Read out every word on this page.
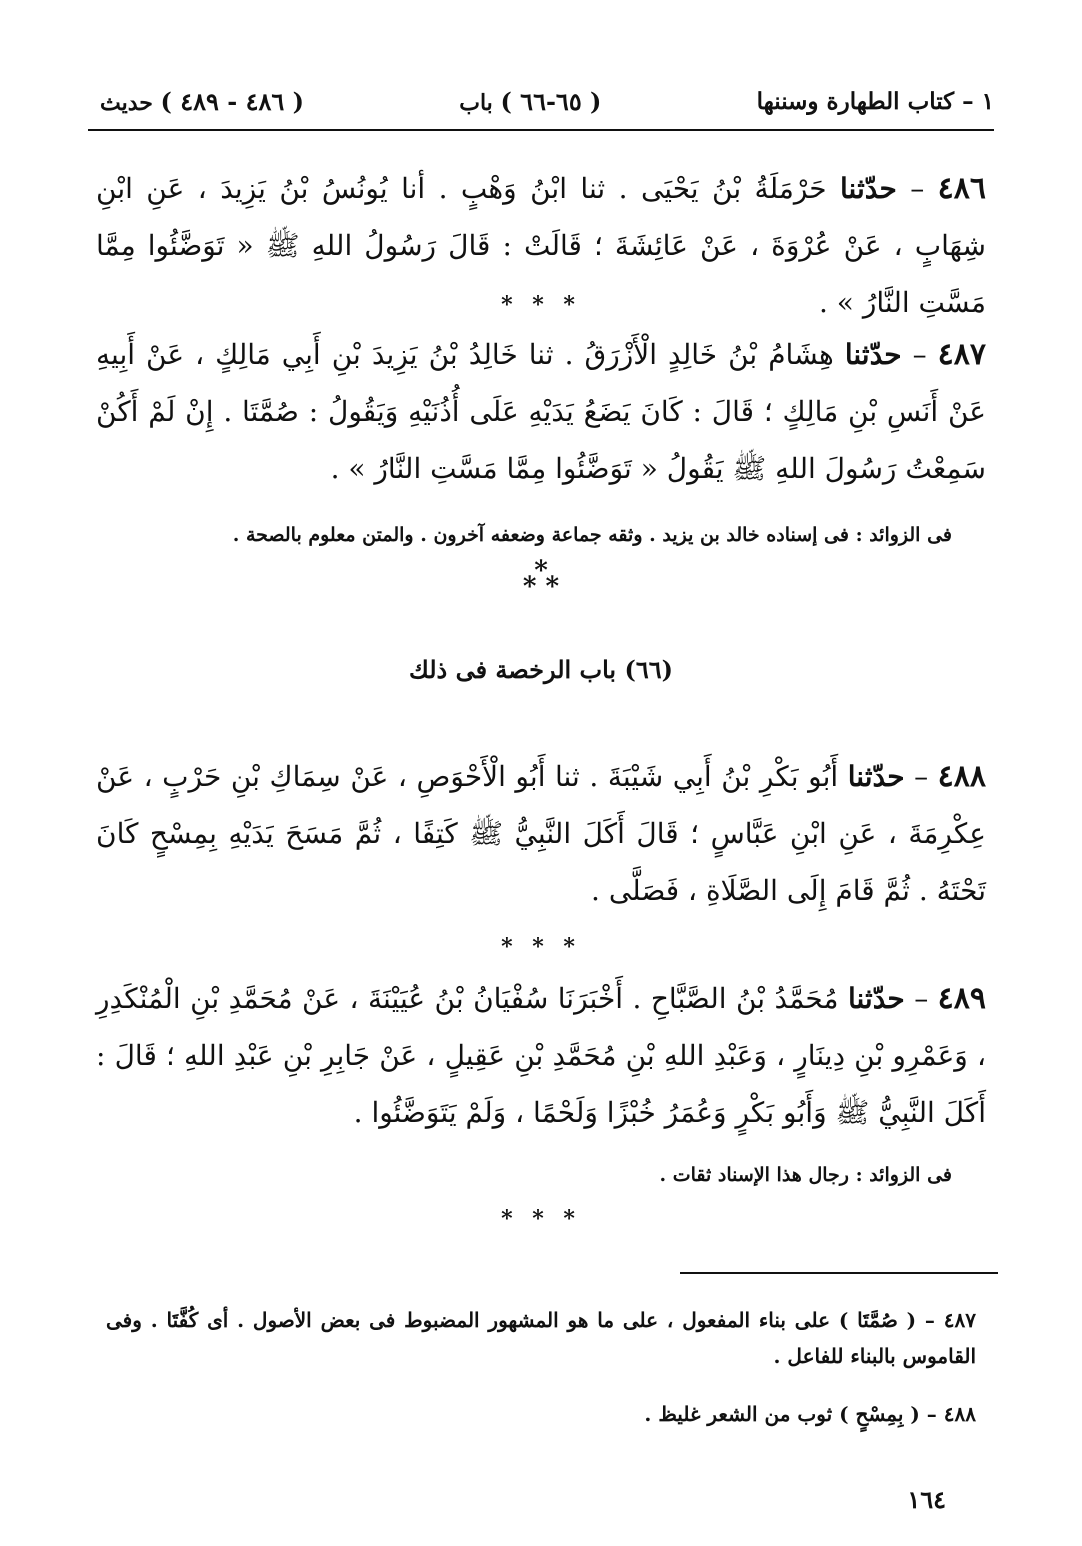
١ – كتاب الطهارة وسننها
( ٦٥-٦٦ ) باب
( ٤٨٦ - ٤٨٩ ) حديث
٤٨٦ – حدّثنا حَرْمَلَةُ بْنُ يَحْيَى . ثنا ابْنُ وَهْبٍ . أنا يُونُسُ بْنُ يَزِيدَ ، عَنِ ابْنِ شِهَابٍ ، عَنْ عُرْوَةَ ، عَنْ عَائِشَةَ ؛ قَالَتْ : قَالَ رَسُولُ اللهِ ﷺ « تَوَضَّئُوا مِمَّا مَسَّتِ النَّارُ » .
* * *
٤٨٧ – حدّثنا هِشَامُ بْنُ خَالِدٍ الْأَزْرَقُ . ثنا خَالِدُ بْنُ يَزِيدَ بْنِ أَبِي مَالِكٍ ، عَنْ أَبِيهِ عَنْ أَنَسِ بْنِ مَالِكٍ ؛ قَالَ : كَانَ يَضَعُ يَدَيْهِ عَلَى أُذُنَيْهِ وَيَقُولُ : صُمَّتَا . إِنْ لَمْ أَكُنْ سَمِعْتُ رَسُولَ اللهِ ﷺ يَقُولُ « تَوَضَّئُوا مِمَّا مَسَّتِ النَّارُ » .
فى الزوائد : فى إسناده خالد بن يزيد . وثقه جماعة وضعفه آخرون . والمتن معلوم بالصحة .
*
* *
(٦٦) باب الرخصة فى ذلك
٤٨٨ – حدّثنا أَبُو بَكْرِ بْنُ أَبِي شَيْبَةَ . ثنا أَبُو الْأَحْوَصِ ، عَنْ سِمَاكِ بْنِ حَرْبٍ ، عَنْ عِكْرِمَةَ ، عَنِ ابْنِ عَبَّاسٍ ؛ قَالَ أَكَلَ النَّبِيُّ ﷺ كَتِفًا ، ثُمَّ مَسَحَ يَدَيْهِ بِمِسْحٍ كَانَ تَحْتَهُ . ثُمَّ قَامَ إِلَى الصَّلَاةِ ، فَصَلَّى .
* * *
٤٨٩ – حدّثنا مُحَمَّدُ بْنُ الصَّبَّاحِ . أَخْبَرَنَا سُفْيَانُ بْنُ عُيَيْنَةَ ، عَنْ مُحَمَّدِ بْنِ الْمُنْكَدِرِ ، وَعَمْرِو بْنِ دِينَارٍ ، وَعَبْدِ اللهِ بْنِ مُحَمَّدِ بْنِ عَقِيلٍ ، عَنْ جَابِرِ بْنِ عَبْدِ اللهِ ؛ قَالَ : أَكَلَ النَّبِيُّ ﷺ وَأَبُو بَكْرٍ وَعُمَرُ خُبْزًا وَلَحْمًا ، وَلَمْ يَتَوَضَّئُوا .
فى الزوائد : رجال هذا الإسناد ثقات .
* * *
٤٨٧ – ( صُمَّتَا ) على بناء المفعول ، على ما هو المشهور المضبوط فى بعض الأصول . أى كُفَّتَا . وفى القاموس بالبناء للفاعل .
٤٨٨ – ( بِمِسْحٍ ) ثوب من الشعر غليظ .
١٦٤
